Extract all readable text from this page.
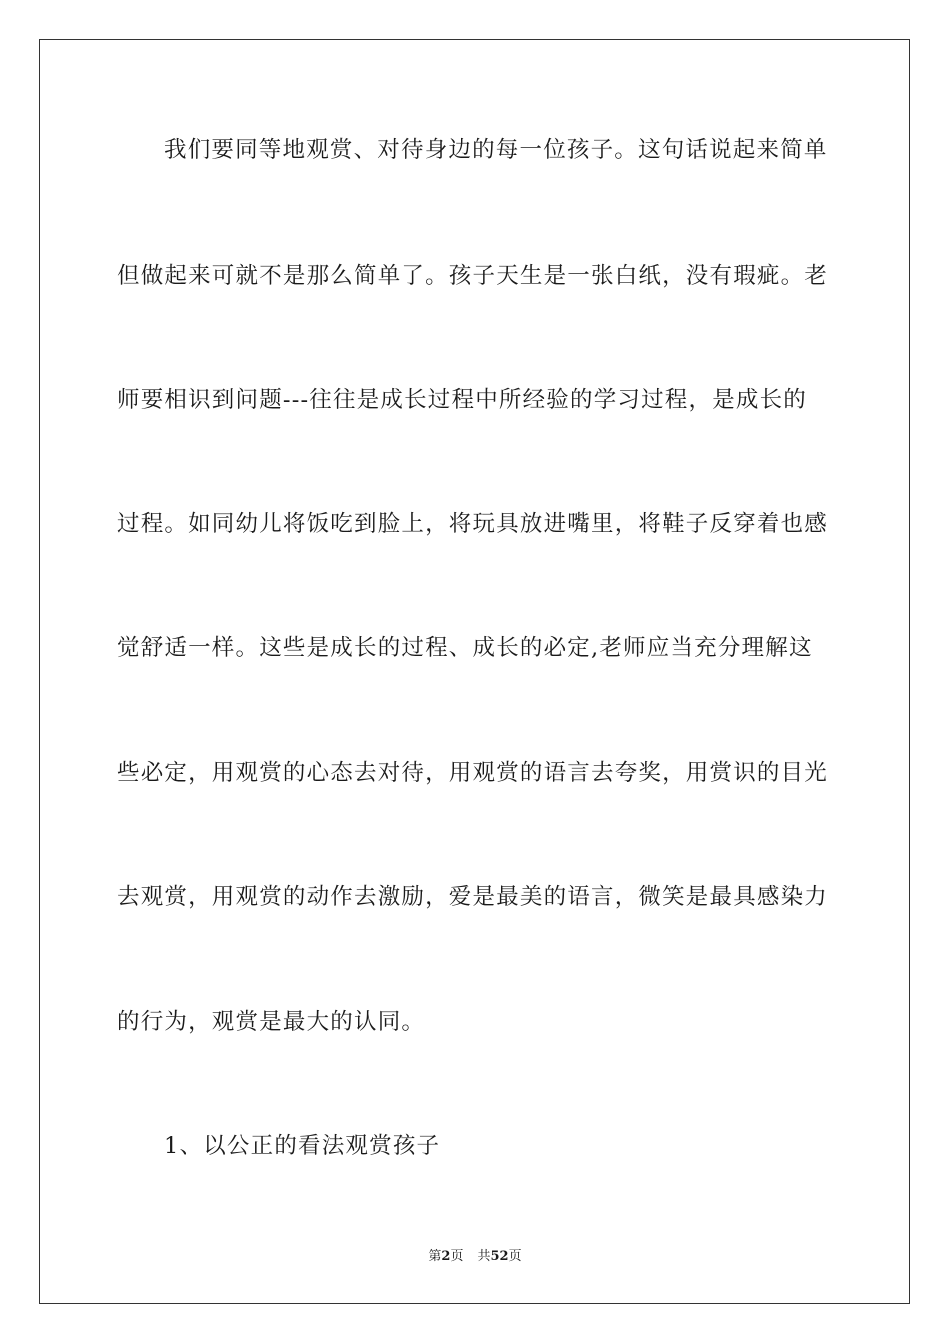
我们要同等地观赏、对待身边的每一位孩子。这句话说起来简单
但做起来可就不是那么简单了。孩子天生是一张白纸，没有瑕疵。老
师要相识到问题---往往是成长过程中所经验的学习过程，是成长的
过程。如同幼儿将饭吃到脸上，将玩具放进嘴里，将鞋子反穿着也感
觉舒适一样。这些是成长的过程、成长的必定,老师应当充分理解这
些必定，用观赏的心态去对待，用观赏的语言去夸奖，用赏识的目光
去观赏，用观赏的动作去激励，爱是最美的语言，微笑是最具感染力
的行为，观赏是最大的认同。
1、以公正的看法观赏孩子
第2页 共52页
